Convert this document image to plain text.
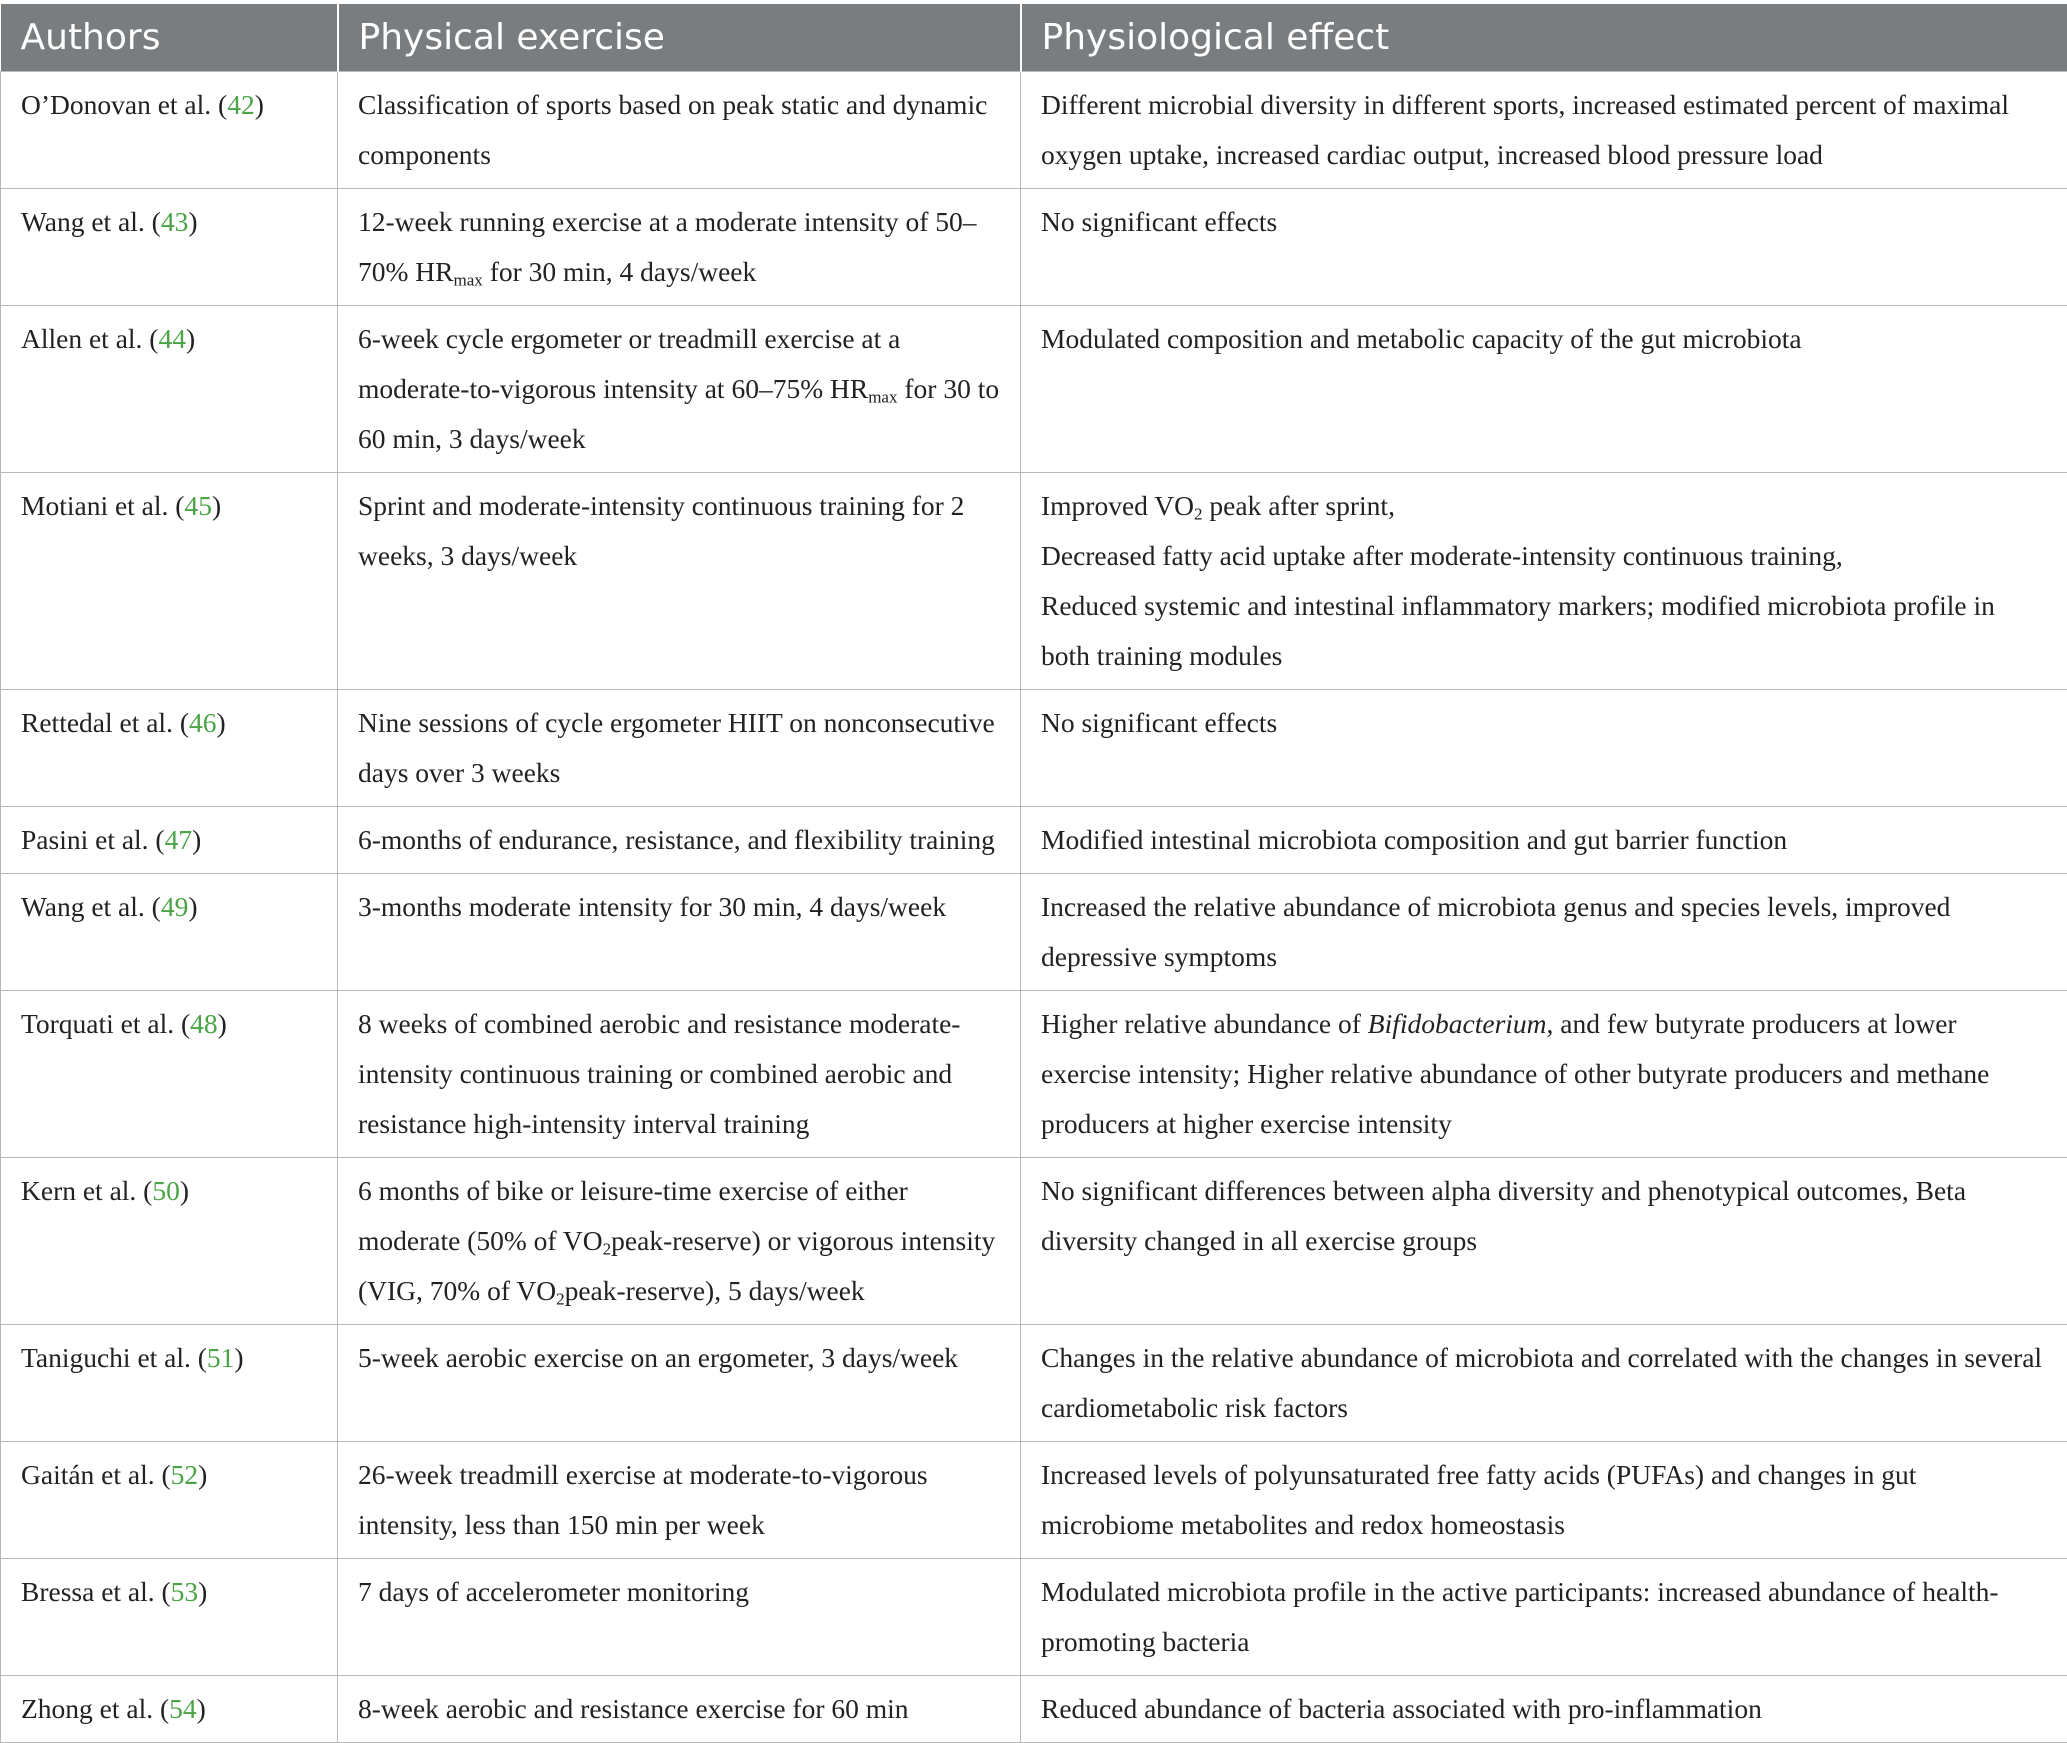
Authors	Physical exercise	Physiological effect
O’Donovan et al. (42)	Classification of sports based on peak static and dynamic components	Different microbial diversity in different sports, increased estimated percent of maximal oxygen uptake, increased cardiac output, increased blood pressure load
Wang et al. (43)	12-week running exercise at a moderate intensity of 50–70% $HR_{max}$ for 30 min, 4 days/week	No significant effects
Allen et al. (44)	6-week cycle ergometer or treadmill exercise at a moderate-to-vigorous intensity at 60–75% $HR_{max}$ for 30 to 60 min, 3 days/week	Modulated composition and metabolic capacity of the gut microbiota
Motiani et al. (45)	Sprint and moderate-intensity continuous training for 2 weeks, 3 days/week	Improved $VO_2$ peak after sprint,
Decreased fatty acid uptake after moderate-intensity continuous training,
Reduced systemic and intestinal inflammatory markers; modified microbiota profile in both training modules
Rettedal et al. (46)	Nine sessions of cycle ergometer HIIT on nonconsecutive days over 3 weeks	No significant effects
Pasini et al. (47)	6-months of endurance, resistance, and flexibility training	Modified intestinal microbiota composition and gut barrier function
Wang et al. (49)	3-months moderate intensity for 30 min, 4 days/week	Increased the relative abundance of microbiota genus and species levels, improved depressive symptoms
Torquati et al. (48)	8 weeks of combined aerobic and resistance moderate-intensity continuous training or combined aerobic and resistance high-intensity interval training	Higher relative abundance of Bifidobacterium, and few butyrate producers at lower exercise intensity; Higher relative abundance of other butyrate producers and methane producers at higher exercise intensity
Kern et al. (50)	6 months of bike or leisure-time exercise of either moderate (50% of $VO_2peak-reserve$) or vigorous intensity (VIG, 70% of $VO_2peak-reserve$), 5 days/week	No significant differences between alpha diversity and phenotypical outcomes, Beta diversity changed in all exercise groups
Taniguchi et al. (51)	5-week aerobic exercise on an ergometer, 3 days/week	Changes in the relative abundance of microbiota and correlated with the changes in several cardiometabolic risk factors
Gaitán et al. (52)	26-week treadmill exercise at moderate-to-vigorous intensity, less than 150 min per week	Increased levels of polyunsaturated free fatty acids (PUFAs) and changes in gut microbiome metabolites and redox homeostasis
Bressa et al. (53)	7 days of accelerometer monitoring	Modulated microbiota profile in the active participants: increased abundance of health-promoting bacteria
Zhong et al. (54)	8-week aerobic and resistance exercise for 60 min	Reduced abundance of bacteria associated with pro-inflammation
